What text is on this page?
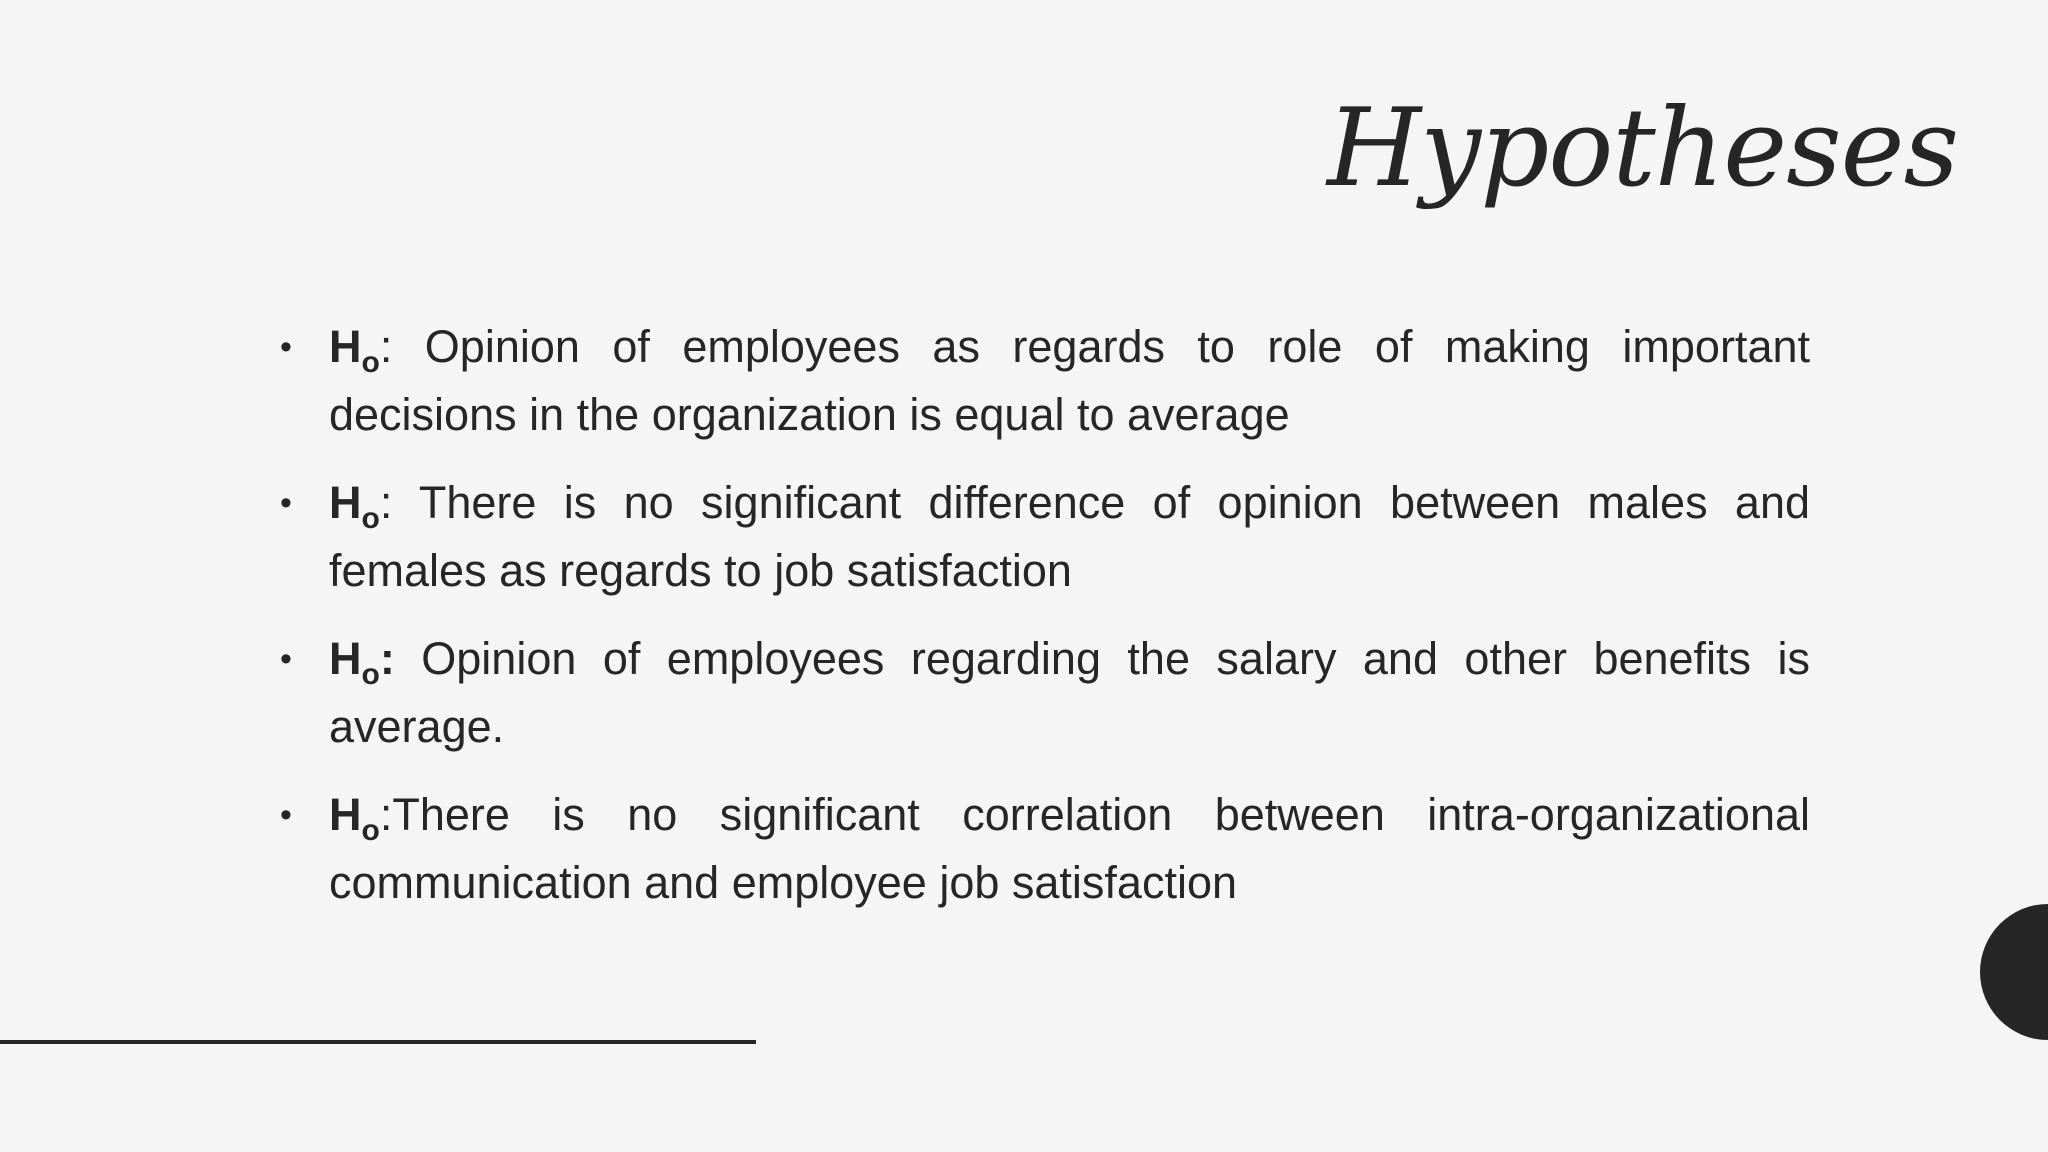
Hypotheses
• $H_o$: Opinion of employees as regards to role of making important decisions in the organization is equal to average
• $H_o$: There is no significant difference of opinion between males and females as regards to job satisfaction
• $H_o$: Opinion of employees regarding the salary and other benefits is average.
• $H_o:There$ is no significant correlation between intra-organizational communication and employee job satisfaction
